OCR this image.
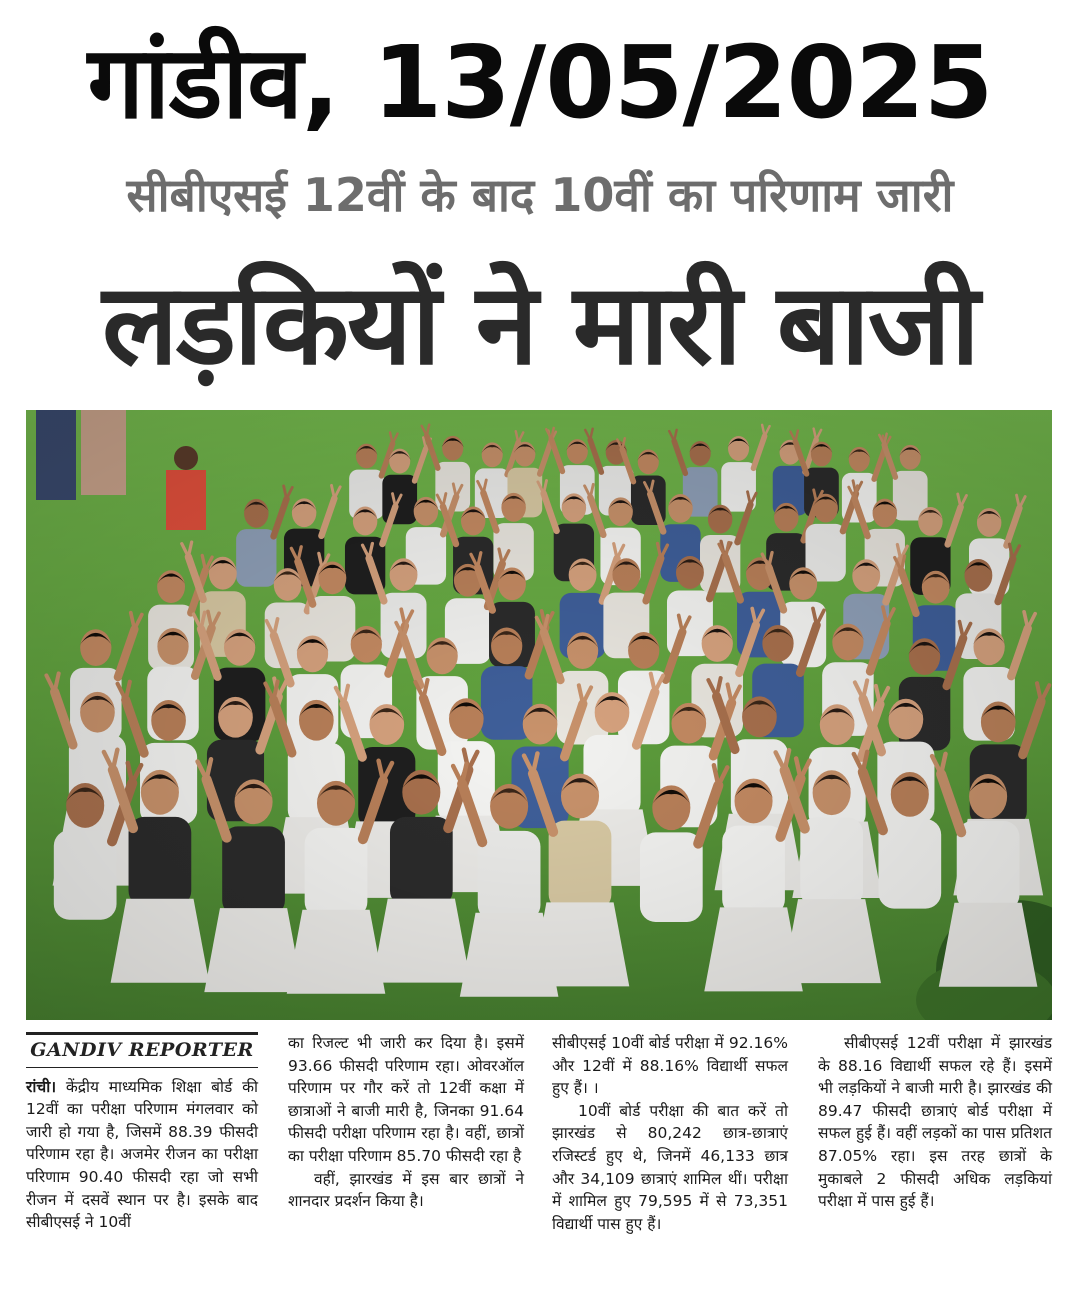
गांडीव, 13/05/2025
सीबीएसई 12वीं के बाद 10वीं का परिणाम जारी
लड़कियों ने मारी बाजी
GANDIV REPORTER

रांची। केंद्रीय माध्यमिक शिक्षा बोर्ड की 12वीं का परीक्षा परिणाम मंगलवार को जारी हो गया है, जिसमें 88.39 फीसदी परिणाम रहा है। अजमेर रीजन का परीक्षा परिणाम 90.40 फीसदी रहा जो सभी रीजन में दसवें स्थान पर है। इसके बाद सीबीएसई ने 10वीं

का रिजल्ट भी जारी कर दिया है। इसमें 93.66 फीसदी परिणाम रहा। ओवरऑल परिणाम पर गौर करें तो 12वीं कक्षा में छात्राओं ने बाजी मारी है, जिनका 91.64 फीसदी परीक्षा परिणाम रहा है। वहीं, छात्रों का परीक्षा परिणाम 85.70 फीसदी रहा है

वहीं, झारखंड में इस बार छात्रों ने शानदार प्रदर्शन किया है।

सीबीएसई 10वीं बोर्ड परीक्षा में 92.16% और 12वीं में 88.16% विद्यार्थी सफल हुए हैं। ।

10वीं बोर्ड परीक्षा की बात करें तो झारखंड से 80,242 छात्र-छात्राएं रजिस्टर्ड हुए थे, जिनमें 46,133 छात्र और 34,109 छात्राएं शामिल थीं। परीक्षा में शामिल हुए 79,595 में से 73,351 विद्यार्थी पास हुए हैं।

सीबीएसई 12वीं परीक्षा में झारखंड के 88.16 विद्यार्थी सफल रहे हैं। इसमें भी लड़कियों ने बाजी मारी है। झारखंड की 89.47 फीसदी छात्राएं बोर्ड परीक्षा में सफल हुई हैं। वहीं लड़कों का पास प्रतिशत 87.05% रहा। इस तरह छात्रों के मुकाबले 2 फीसदी अधिक लड़कियां परीक्षा में पास हुई हैं।
